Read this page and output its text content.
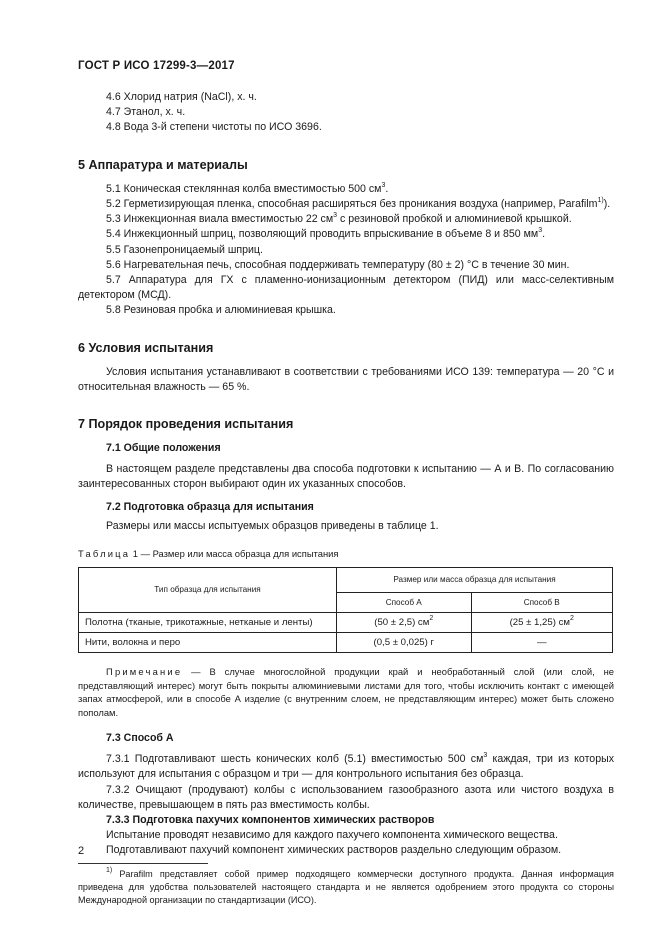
ГОСТ Р ИСО 17299-3—2017

4.6 Хлорид натрия (NaCl), х. ч.

4.7 Этанол, х. ч.

4.8 Вода 3-й степени чистоты по ИСО 3696.

5 Аппаратура и материалы

5.1 Коническая стеклянная колба вместимостью 500 $см^3$.

5.2 Герметизирующая пленка, способная расширяться без проникания воздуха (например, Parafilm$^{1)}$).

5.3 Инжекционная виала вместимостью 22 $см^3$ с резиновой пробкой и алюминиевой крышкой.

5.4 Инжекционный шприц, позволяющий проводить впрыскивание в объеме 8 и 850 $мм^3$.

5.5 Газонепроницаемый шприц.

5.6 Нагревательная печь, способная поддерживать температуру (80 ± 2) °С в течение 30 мин.

5.7 Аппаратура для ГХ с пламенно-ионизационным детектором (ПИД) или масс-селективным детектором (МСД).

5.8 Резиновая пробка и алюминиевая крышка.

6 Условия испытания

Условия испытания устанавливают в соответствии с требованиями ИСО 139: температура — 20 °С и относительная влажность — 65 %.

7 Порядок проведения испытания

7.1 Общие положения

В настоящем разделе представлены два способа подготовки к испытанию — А и В. По согласованию заинтересованных сторон выбирают один их указанных способов.

7.2 Подготовка образца для испытания

Размеры или массы испытуемых образцов приведены в таблице 1.

Таблица 1 — Размер или масса образца для испытания

Тип образца для испытания	Размер или масса образца для испытания	
	Способ А	Способ В
Полотна (тканые, трикотажные, нетканые и ленты)	(50 ± 2,5) $см^2$	(25 ± 1,25) $см^2$
Нити, волокна и перо	(0,5 ± 0,025) г	—

Примечание — В случае многослойной продукции край и необработанный слой (или слой, не представляющий интерес) могут быть покрыты алюминиевыми листами для того, чтобы исключить контакт с имеющей запах атмосферой, или в способе А изделие (с внутренним слоем, не представляющим интерес) может быть сложено пополам.

7.3 Способ А

7.3.1 Подготавливают шесть конических колб (5.1) вместимостью 500 $см^3$ каждая, три из которых используют для испытания с образцом и три — для контрольного испытания без образца.

7.3.2 Очищают (продувают) колбы с использованием газообразного азота или чистого воздуха в количестве, превышающем в пять раз вместимость колбы.

7.3.3 Подготовка пахучих компонентов химических растворов

Испытание проводят независимо для каждого пахучего компонента химического вещества.

Подготавливают пахучий компонент химических растворов раздельно следующим образом.

$^{1)}$ Parafilm представляет собой пример подходящего коммерчески доступного продукта. Данная информация приведена для удобства пользователей настоящего стандарта и не является одобрением этого продукта со стороны Международной организации по стандартизации (ИСО).

2
